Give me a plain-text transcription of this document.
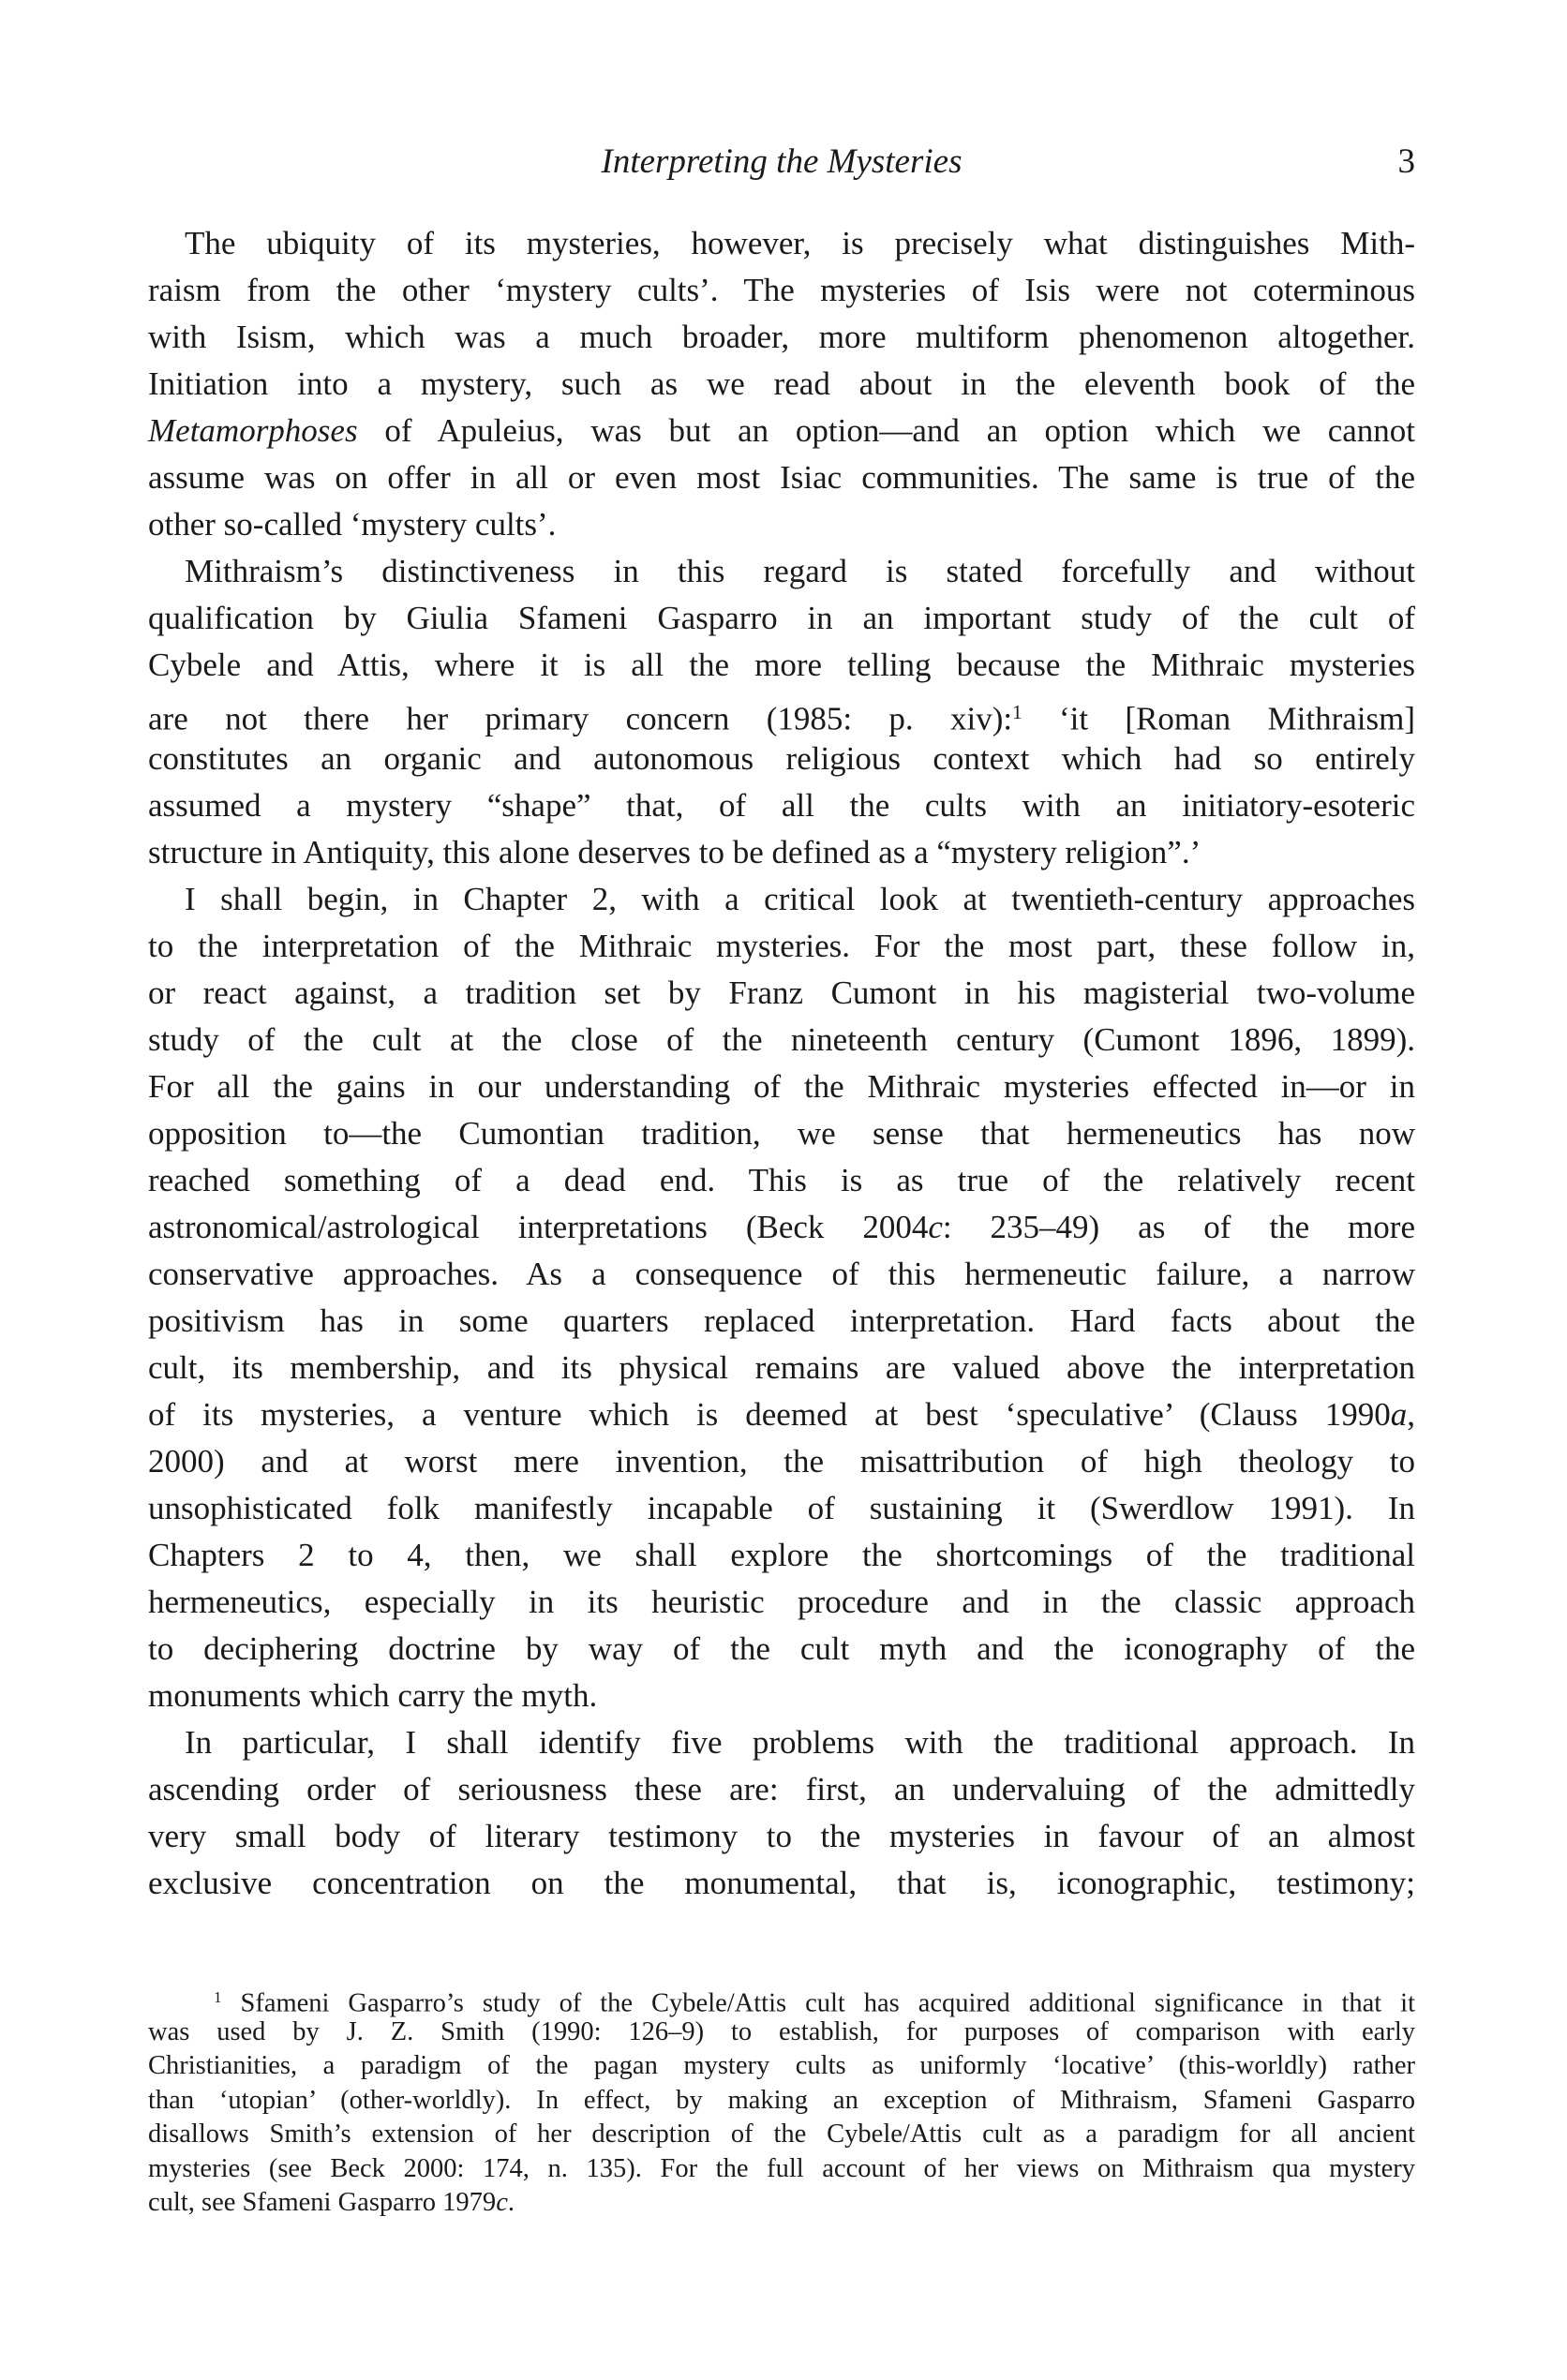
Interpreting the Mysteries	3
The ubiquity of its mysteries, however, is precisely what distinguishes Mith-
raism from the other ‘mystery cults’. The mysteries of Isis were not coterminous
with Isism, which was a much broader, more multiform phenomenon altogether.
Initiation into a mystery, such as we read about in the eleventh book of the
Metamorphoses of Apuleius, was but an option—and an option which we cannot
assume was on offer in all or even most Isiac communities. The same is true of the
other so-called ‘mystery cults’.
Mithraism’s distinctiveness in this regard is stated forcefully and without
qualification by Giulia Sfameni Gasparro in an important study of the cult of
Cybele and Attis, where it is all the more telling because the Mithraic mysteries
are not there her primary concern (1985: p. xiv):$^1$ ‘it [Roman Mithraism]
constitutes an organic and autonomous religious context which had so entirely
assumed a mystery “shape” that, of all the cults with an initiatory-esoteric
structure in Antiquity, this alone deserves to be defined as a “mystery religion”.’
I shall begin, in Chapter 2, with a critical look at twentieth-century approaches
to the interpretation of the Mithraic mysteries. For the most part, these follow in,
or react against, a tradition set by Franz Cumont in his magisterial two-volume
study of the cult at the close of the nineteenth century (Cumont 1896, 1899).
For all the gains in our understanding of the Mithraic mysteries effected in—or in
opposition to—the Cumontian tradition, we sense that hermeneutics has now
reached something of a dead end. This is as true of the relatively recent
astronomical/astrological interpretations (Beck 2004c: 235–49) as of the more
conservative approaches. As a consequence of this hermeneutic failure, a narrow
positivism has in some quarters replaced interpretation. Hard facts about the
cult, its membership, and its physical remains are valued above the interpretation
of its mysteries, a venture which is deemed at best ‘speculative’ (Clauss 1990a,
2000) and at worst mere invention, the misattribution of high theology to
unsophisticated folk manifestly incapable of sustaining it (Swerdlow 1991). In
Chapters 2 to 4, then, we shall explore the shortcomings of the traditional
hermeneutics, especially in its heuristic procedure and in the classic approach
to deciphering doctrine by way of the cult myth and the iconography of the
monuments which carry the myth.
In particular, I shall identify five problems with the traditional approach. In
ascending order of seriousness these are: first, an undervaluing of the admittedly
very small body of literary testimony to the mysteries in favour of an almost
exclusive concentration on the monumental, that is, iconographic, testimony;
$^1$ Sfameni Gasparro’s study of the Cybele/Attis cult has acquired additional significance in that it
was used by J. Z. Smith (1990: 126–9) to establish, for purposes of comparison with early
Christianities, a paradigm of the pagan mystery cults as uniformly ‘locative’ (this-worldly) rather
than ‘utopian’ (other-worldly). In effect, by making an exception of Mithraism, Sfameni Gasparro
disallows Smith’s extension of her description of the Cybele/Attis cult as a paradigm for all ancient
mysteries (see Beck 2000: 174, n. 135). For the full account of her views on Mithraism qua mystery
cult, see Sfameni Gasparro 1979c.
